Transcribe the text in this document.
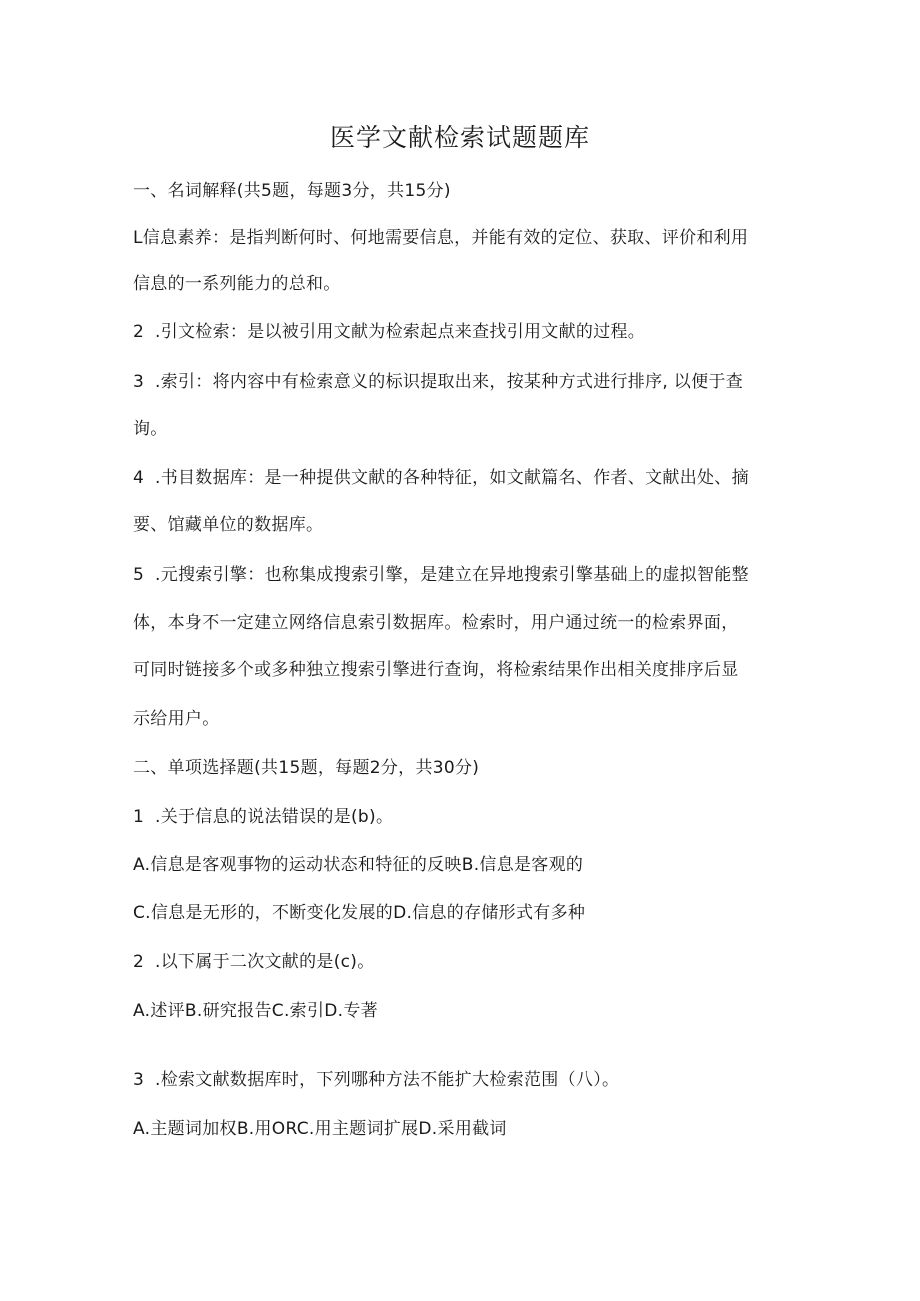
医学文献检索试题题库
一、名词解释(共5题，每题3分，共15分)
L信息素养：是指判断何时、何地需要信息，并能有效的定位、获取、评价和利用
信息的一系列能力的总和。
2 .引文检索：是以被引用文献为检索起点来查找引用文献的过程。
3 .索引：将内容中有检索意义的标识提取出来，按某种方式进行排序, 以便于查
询。
4 .书目数据库：是一种提供文献的各种特征，如文献篇名、作者、文献出处、摘
要、馆藏单位的数据库。
5 .元搜索引擎：也称集成搜索引擎，是建立在异地搜索引擎基础上的虚拟智能整
体，本身不一定建立网络信息索引数据库。检索时，用户通过统一的检索界面，
可同时链接多个或多种独立搜索引擎进行查询，将检索结果作出相关度排序后显
示给用户。
二、单项选择题(共15题，每题2分，共30分)
1 .关于信息的说法错误的是(b)。
A.信息是客观事物的运动状态和特征的反映B.信息是客观的
C.信息是无形的，不断变化发展的D.信息的存储形式有多种
2 .以下属于二次文献的是(c)。
A.述评B.研究报告C.索引D.专著
3 .检索文献数据库时，下列哪种方法不能扩大检索范围（八）。
A.主题词加权B.用ORC.用主题词扩展D.采用截词
